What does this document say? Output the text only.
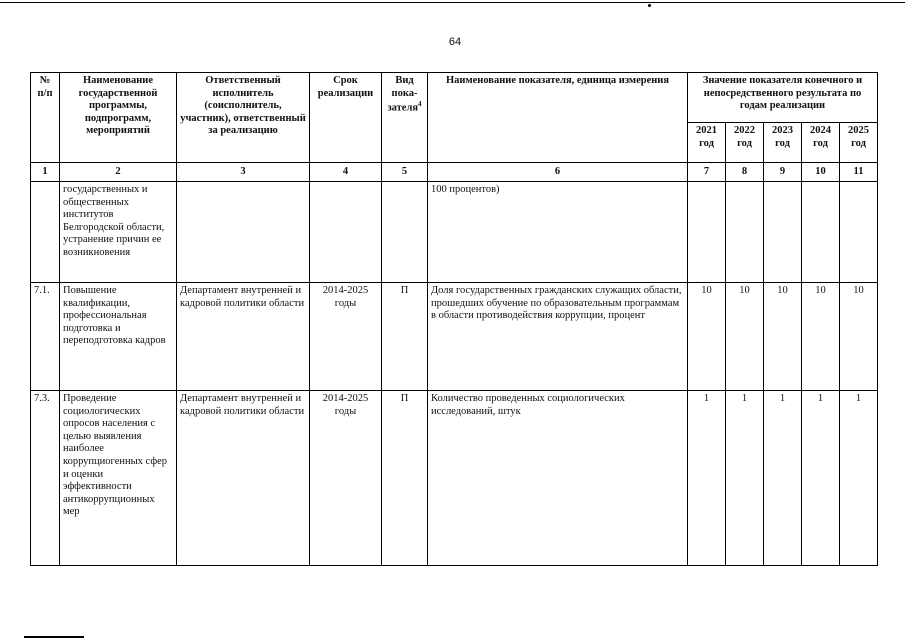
64
№ п/п	Наименование государственной программы, подпрограмм, мероприятий	Ответственный исполнитель (соисполнитель, участник), ответственный за реализацию	Срок реализации	Вид пока-зателя$^4$	Наименование показателя, единица измерения	Значение показателя конечного и непосредственного результата по годам реализации				
						2021 год	2022 год	2023 год	2024 год	2025 год
1	2	3	4	5	6	7	8	9	10	11
	государственных и общественных институтов Белгородской области, устранение причин ее возникновения				100 процентов)					
7.1.	Повышение квалификации, профессиональная подготовка и переподготовка кадров	Департамент внутренней и кадровой политики области	2014-2025 годы	П	Доля государственных гражданских служащих области, прошедших обучение по образовательным программам в области противодействия коррупции, процент	10	10	10	10	10
7.3.	Проведение социологических опросов населения с целью выявления наиболее коррупциогенных сфер и оценки эффективности антикоррупционных мер	Департамент внутренней и кадровой политики области	2014-2025 годы	П	Количество проведенных социологических исследований, штук	1	1	1	1	1
